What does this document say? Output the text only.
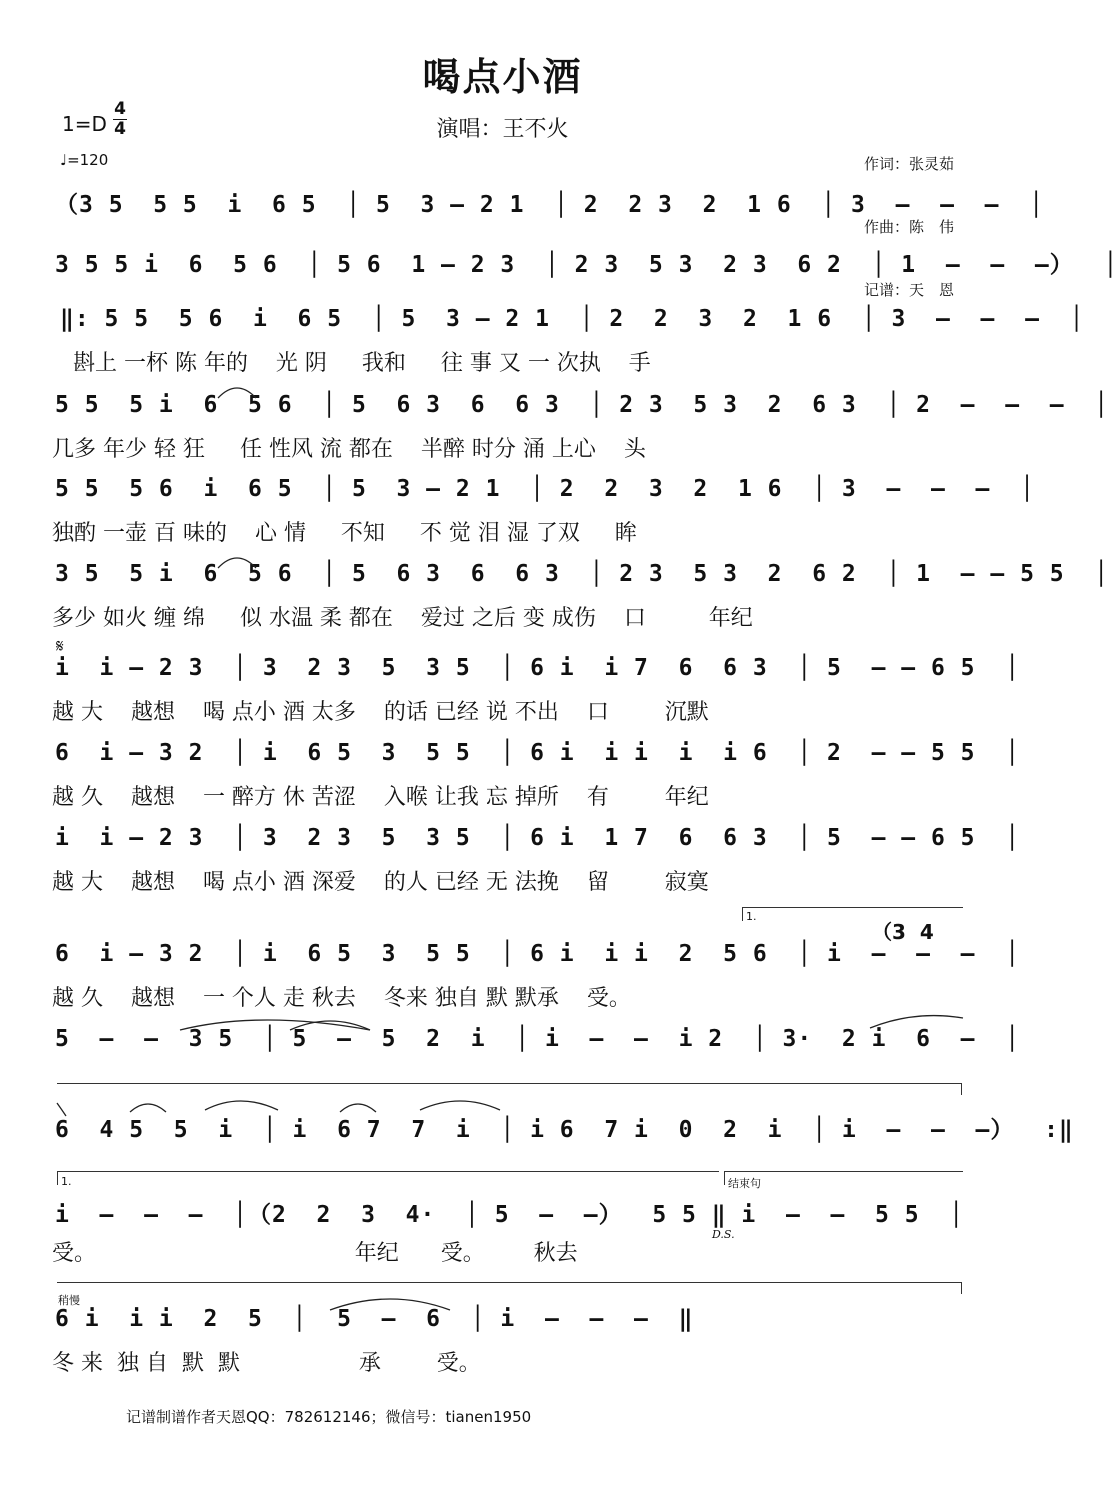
喝点小酒
演唱：王不火
1=D
4
4
♩=120

	作词：张灵茹

作曲：陈　伟

记谱：天　恩

（3 5  5 5  i  6 5  │ 5  3 – 2 1  │ 2  2 3  2  1 6  │ 3  –  –  –  │
3 5 5 i  6  5 6  │ 5 6  1 – 2 3  │ 2 3  5 3  2 3  6 2  │ 1  –  –  –）  │
‖: 5 5  5 6  i  6 5  │ 5  3 – 2 1  │ 2  2  3  2  1 6  │ 3  –  –  –  │
斟上 一杯 陈 年的    光 阴     我和     往 事 又 一 次执    手
5 5  5 i  6  5 6  │ 5  6 3  6  6 3  │ 2 3  5 3  2  6 3  │ 2  –  –  –  │
几多 年少 轻 狂     任 性风 流 都在    半醉 时分 涌 上心    头
5 5  5 6  i  6 5  │ 5  3 – 2 1  │ 2  2  3  2  1 6  │ 3  –  –  –  │
独酌 一壶 百 味的    心 情     不知     不 觉 泪 湿 了双     眸
3 5  5 i  6  5 6  │ 5  6 3  6  6 3  │ 2 3  5 3  2  6 2  │ 1  – – 5 5  │
多少 如火 缠 绵     似 水温 柔 都在    爱过 之后 变 成伤    口         年纪
𝄋
i  i – 2 3  │ 3  2 3  5  3 5  │ 6 i  i 7  6  6 3  │ 5  – – 6 5  │
越 大    越想    喝 点小 酒 太多    的话 已经 说 不出    口        沉默
6  i – 3 2  │ i  6 5  3  5 5  │ 6 i  i i  i  i 6  │ 2  – – 5 5  │
越 久    越想    一 醉方 休 苦涩    入喉 让我 忘 掉所    有        年纪
i  i – 2 3  │ 3  2 3  5  3 5  │ 6 i  1 7  6  6 3  │ 5  – – 6 5  │
越 大    越想    喝 点小 酒 深爱    的人 已经 无 法挽    留        寂寞
1.
（3  4
6  i – 3 2  │ i  6 5  3  5 5  │ 6 i  i i  2  5 6  │ i  –  –  –  │
越 久    越想    一 个人 走 秋去    冬来 独自 默 默承    受。
5  –  –  3 5  │ 5  –  5  2  i  │ i  –  –  i 2  │ 3·  2 i  6  –  │
6  4 5  5  i  │ i  6 7  7  i  │ i 6  7 i  0  2  i  │ i  –  –  –）  :‖
1.	结束句
i  –  –  –  │（2  2  3  4·  │ 5  –  –）  5 5 ‖ i  –  –  5 5  │
D.S.
受。                                     年纪      受。       秋去
稍慢
6 i  i i  2  5  │  5  –  6  │ i  –  –  –  ‖
冬 来  独 自  默  默                 承        受。
记谱制谱作者天恩QQ：782612146；微信号：tianen1950
